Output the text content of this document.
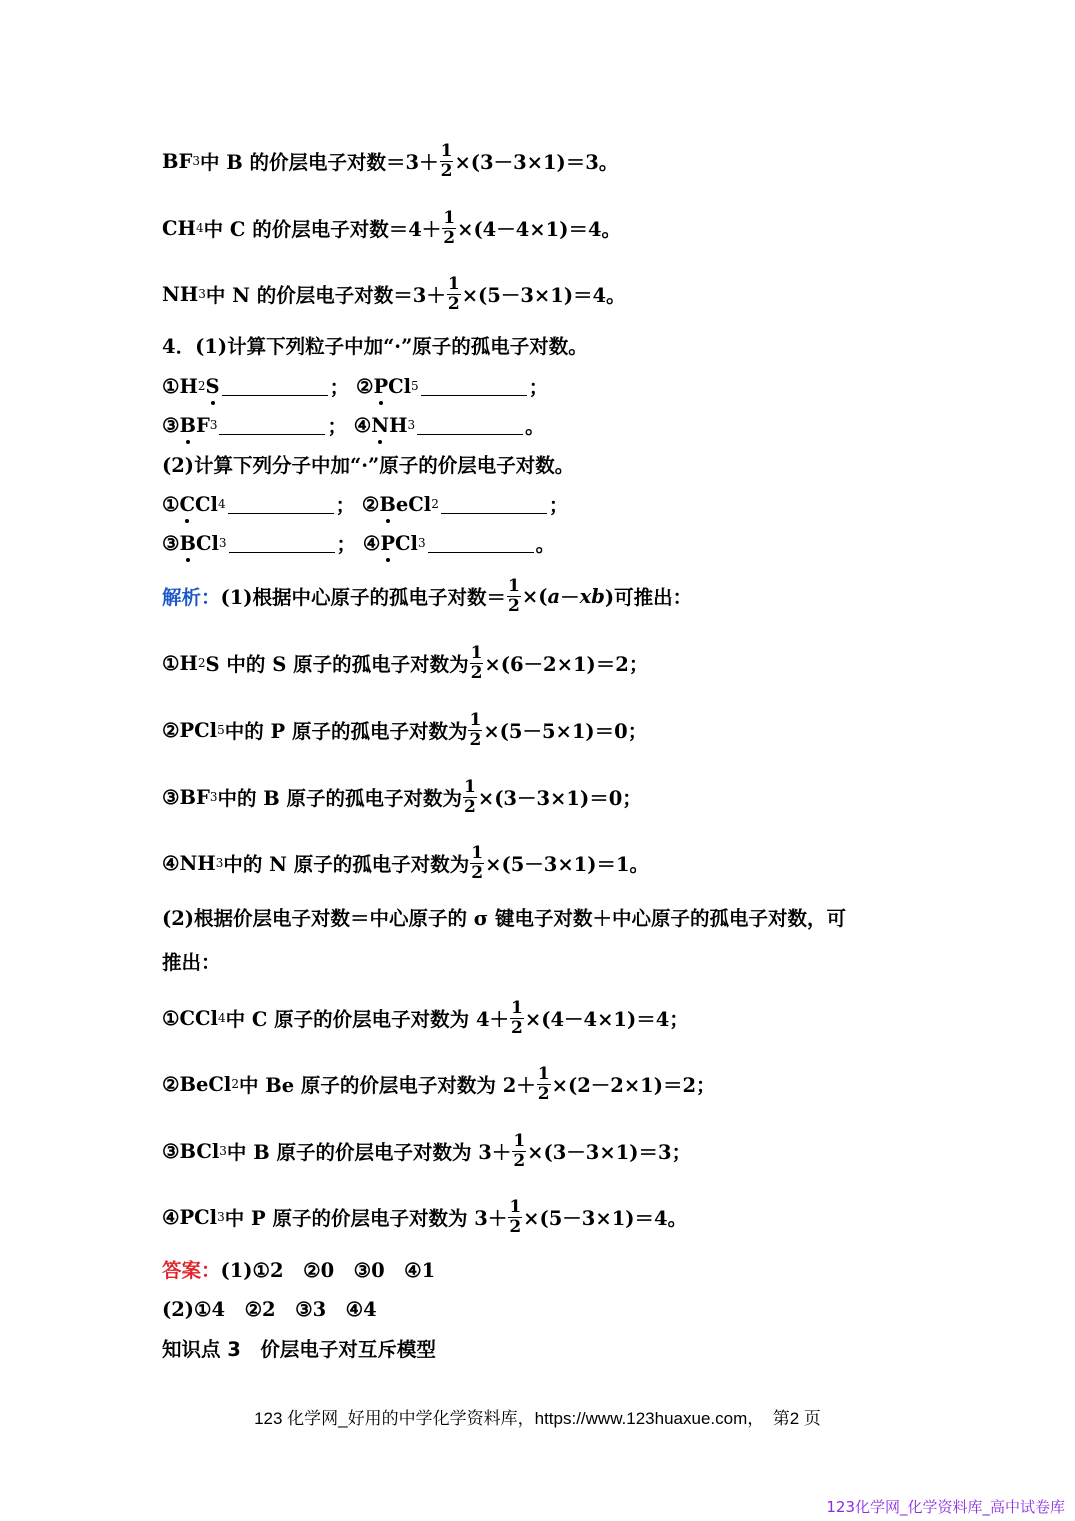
BF 3 中 B 的价层电子对数$=3+ \frac{1}{2} \times(3-3\times 1)=3$。
CH 4 中 C 的价层电子对数$=4+ \frac{1}{2} \times(4-4\times 1)=4$。
NH 3 中 N 的价层电子对数$=3+ \frac{1}{2} \times(5-3\times 1)=4$。
4．(1)计算下列粒子中加“·”原子的孤电子对数。
①H 2 S	；
② P Cl 5	；
③ B F 3	；
④ N H 3	。
(2)计算下列分子中加“·”原子的价层电子对数。
① C Cl 4	；
② B eCl 2	；
③ B Cl 3	；
④ P Cl 3	。
解析： (1)根据中心原子的孤电子对数＝ $\frac{1}{2}$ ×( a － xb )可推出：
①H 2 S 中的 S 原子的孤电子对数为 $\frac{1}{2} \times(6-2\times 1)=2$；
②PCl 5 中的 P 原子的孤电子对数为 $\frac{1}{2} \times(5-5\times 1)=0$；
③BF 3 中的 B 原子的孤电子对数为 $\frac{1}{2} \times(3-3\times 1)=0$；
④NH 3 中的 N 原子的孤电子对数为 $\frac{1}{2} \times(5-3\times 1)=1$。
(2)根据价层电子对数＝中心原子的 σ 键电子对数＋中心原子的孤电子对数，可
推出：
①CCl 4 中 C 原子的价层电子对数为 $4+ \frac{1}{2} \times(4-4\times 1)=4$；
②BeCl 2 中 Be 原子的价层电子对数为 $2+ \frac{1}{2} \times(2-2\times 1)=2$；
③BCl 3 中 B 原子的价层电子对数为 $3+ \frac{1}{2} \times(3-3\times 1)=3$；
④PCl 3 中 P 原子的价层电子对数为 $3+ \frac{1}{2} \times(5-3\times 1)=4$。
答案： (1)①2　②0　③0　④1
(2)①4　②2　③3　④4
知识点 3　价层电子对互斥模型
123 化学网_好用的中学化学资料库，https://www.123huaxue.com，　第2 页
123化学网_化学资料库_高中试卷库
